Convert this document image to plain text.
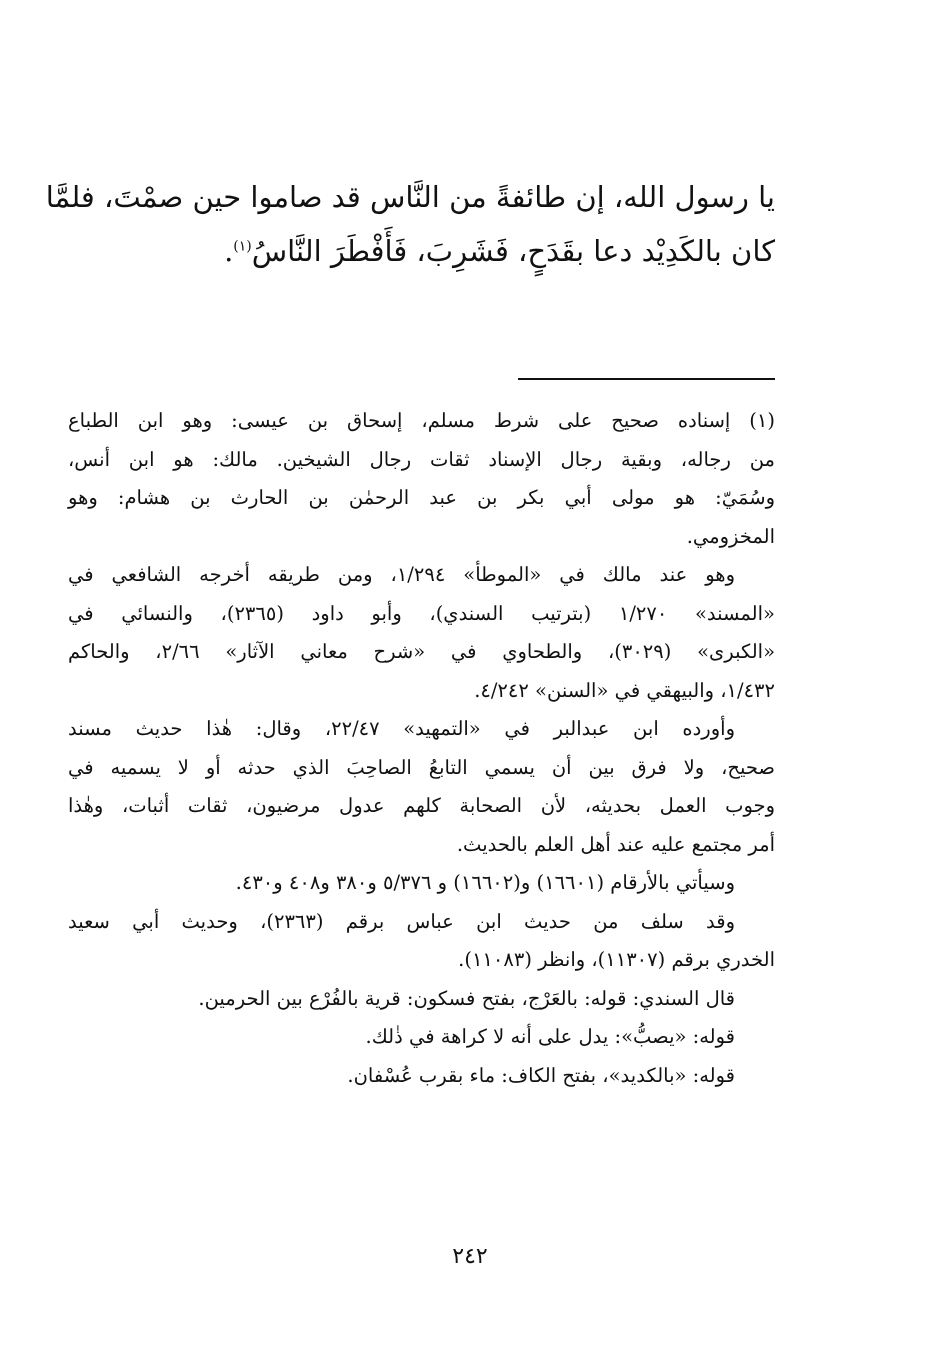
يا رسول الله، إن طائفةً من النَّاس قد صاموا حين صمْتَ، فلمَّا
كان بالكَدِيْد دعا بقَدَحٍ، فَشَرِبَ، فَأَفْطَرَ النَّاسُ$^{(١)}$.
(١) إسناده صحيح على شرط مسلم، إسحاق بن عيسى: وهو ابن الطباع
من رجاله، وبقية رجال الإسناد ثقات رجال الشيخين. مالك: هو ابن أنس،
وسُمَيّ: هو مولى أبي بكر بن عبد الرحمٰن بن الحارث بن هشام: وهو
المخزومي.
وهو عند مالك في «الموطأ» ١/٢٩٤، ومن طريقه أخرجه الشافعي في
«المسند» ١/٢٧٠ (بترتيب السندي)، وأبو داود (٢٣٦٥)، والنسائي في
«الكبرى» (٣٠٢٩)، والطحاوي في «شرح معاني الآثار» ٢/٦٦، والحاكم
١/٤٣٢، والبيهقي في «السنن» ٤/٢٤٢.
وأورده ابن عبدالبر في «التمهيد» ٢٢/٤٧، وقال: هٰذا حديث مسند
صحيح، ولا فرق بين أن يسمي التابعُ الصاحِبَ الذي حدثه أو لا يسميه في
وجوب العمل بحديثه، لأن الصحابة كلهم عدول مرضيون، ثقات أثبات، وهٰذا
أمر مجتمع عليه عند أهل العلم بالحديث.
وسيأتي بالأرقام (١٦٦٠١) و(١٦٦٠٢) و ٥/٣٧٦ و٣٨٠ و٤٠٨ و٤٣٠.
وقد سلف من حديث ابن عباس برقم (٢٣٦٣)، وحديث أبي سعيد
الخدري برقم (١١٣٠٧)، وانظر (١١٠٨٣).
قال السندي: قوله: بالعَرْج، بفتح فسكون: قرية بالفُرْع بين الحرمين.
قوله: «يصبُّ»: يدل على أنه لا كراهة في ذٰلك.
قوله: «بالكديد»، بفتح الكاف: ماء بقرب عُسْفان.
٢٤٢
